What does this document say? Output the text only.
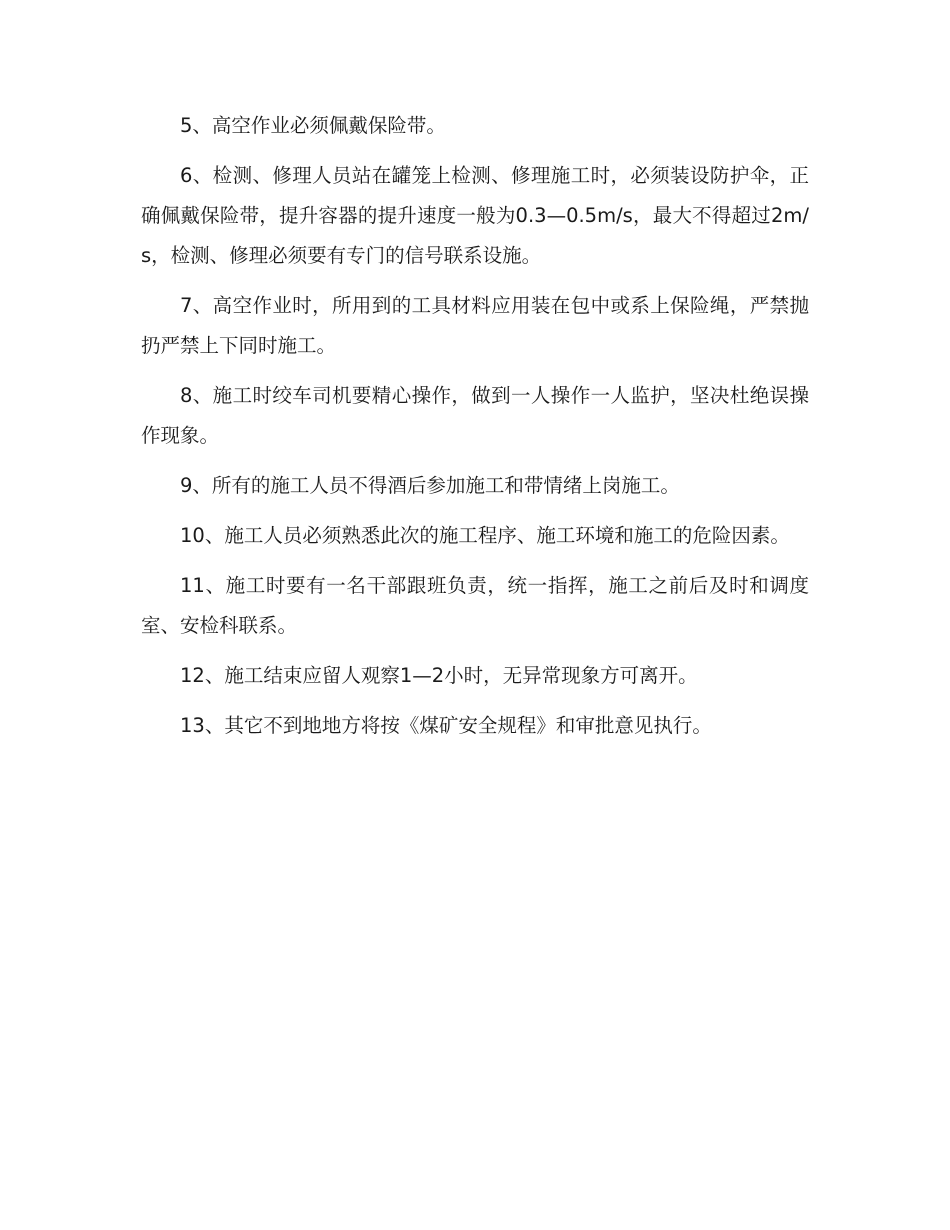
5、高空作业必须佩戴保险带。

6、检测、修理人员站在罐笼上检测、修理施工时，必须装设防护伞，正确佩戴保险带，提升容器的提升速度一般为0.3—0.5m/s，最大不得超过2m/s，检测、修理必须要有专门的信号联系设施。

7、高空作业时，所用到的工具材料应用装在包中或系上保险绳，严禁抛扔严禁上下同时施工。

8、施工时绞车司机要精心操作，做到一人操作一人监护，坚决杜绝误操作现象。

9、所有的施工人员不得酒后参加施工和带情绪上岗施工。

10、施工人员必须熟悉此次的施工程序、施工环境和施工的危险因素。

11、施工时要有一名干部跟班负责，统一指挥，施工之前后及时和调度室、安检科联系。

12、施工结束应留人观察1—2小时，无异常现象方可离开。

13、其它不到地地方将按《煤矿安全规程》和审批意见执行。
